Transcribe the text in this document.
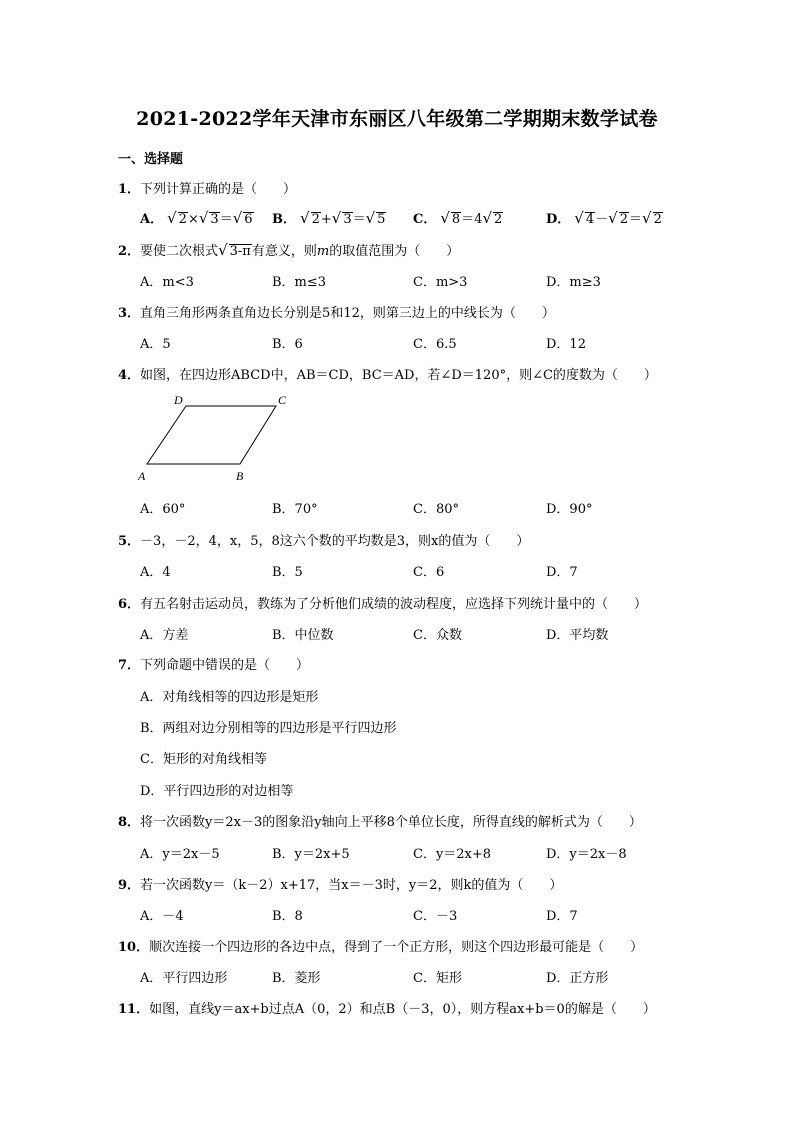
2021-2022学年天津市东丽区八年级第二学期期末数学试卷
一、选择题
1．下列计算正确的是（　　）
A． √ 2×√ 3＝√ 6 B． √ 2+√ 3＝√ 5 C． √ 8＝4√ 2	D． √ 4－√ 2＝√ 2
2．要使二次根式√ 3-π有意义，则m的取值范围为（　　）
A．m<3	B．m≤3	C．m>3	D．m≥3
3．直角三角形两条直角边长分别是5和12，则第三边上的中线长为（　　）
A．5	B．6	C．6.5	D．12
4．如图，在四边形ABCD中，AB＝CD，BC＝AD，若∠D＝120°，则∠C的度数为（　　）
D	C
A	B
A．60°	B．70°	C．80°	D．90°
5．－3，－2，4，x，5，8这六个数的平均数是3，则x的值为（　　）
A．4	B．5	C．6	D．7
6．有五名射击运动员，教练为了分析他们成绩的波动程度，应选择下列统计量中的（　　）
A．方差	B．中位数	C．众数	D．平均数
7．下列命题中错误的是（　　）
A．对角线相等的四边形是矩形
B．两组对边分别相等的四边形是平行四边形
C．矩形的对角线相等
D．平行四边形的对边相等
8．将一次函数y＝2x－3的图象沿y轴向上平移8个单位长度，所得直线的解析式为（　　）
A．y＝2x－5	B．y＝2x+5	C．y＝2x+8	D．y＝2x－8
9．若一次函数y＝（k－2）x+17，当x＝－3时，y＝2，则k的值为（　　）
A．－4	B．8	C．－3	D．7
10．顺次连接一个四边形的各边中点，得到了一个正方形，则这个四边形最可能是（　　）
A．平行四边形	B．菱形	C．矩形	D．正方形
11．如图，直线y＝ax+b过点A（0，2）和点B（－3，0），则方程ax+b＝0的解是（　　）
